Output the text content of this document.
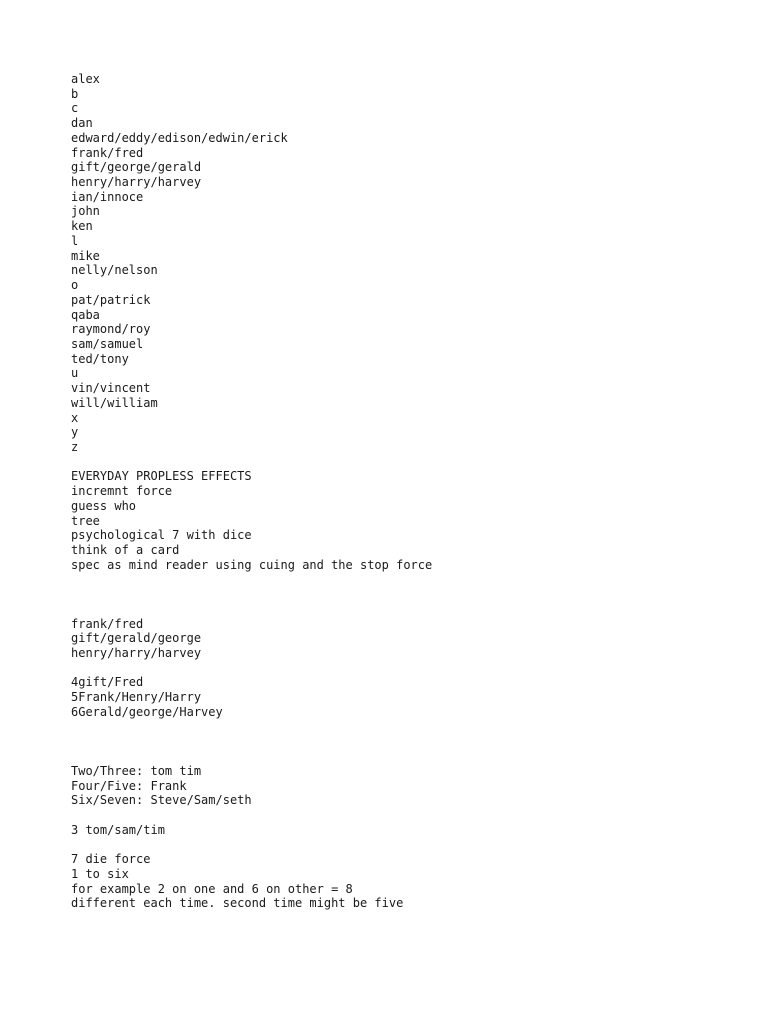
alex
b
c
dan
edward/eddy/edison/edwin/erick
frank/fred
gift/george/gerald
henry/harry/harvey
ian/innoce
john
ken
l
mike
nelly/nelson
o
pat/patrick
qaba
raymond/roy
sam/samuel
ted/tony
u
vin/vincent
will/william
x
y
z
EVERYDAY PROPLESS EFFECTS
incremnt force
guess who
tree
psychological 7 with dice
think of a card
spec as mind reader using cuing and the stop force
frank/fred
gift/gerald/george
henry/harry/harvey
4gift/Fred
5Frank/Henry/Harry
6Gerald/george/Harvey
Two/Three: tom tim
Four/Five: Frank
Six/Seven: Steve/Sam/seth
3 tom/sam/tim
7 die force
1 to six
for example 2 on one and 6 on other = 8
different each time. second time might be five
